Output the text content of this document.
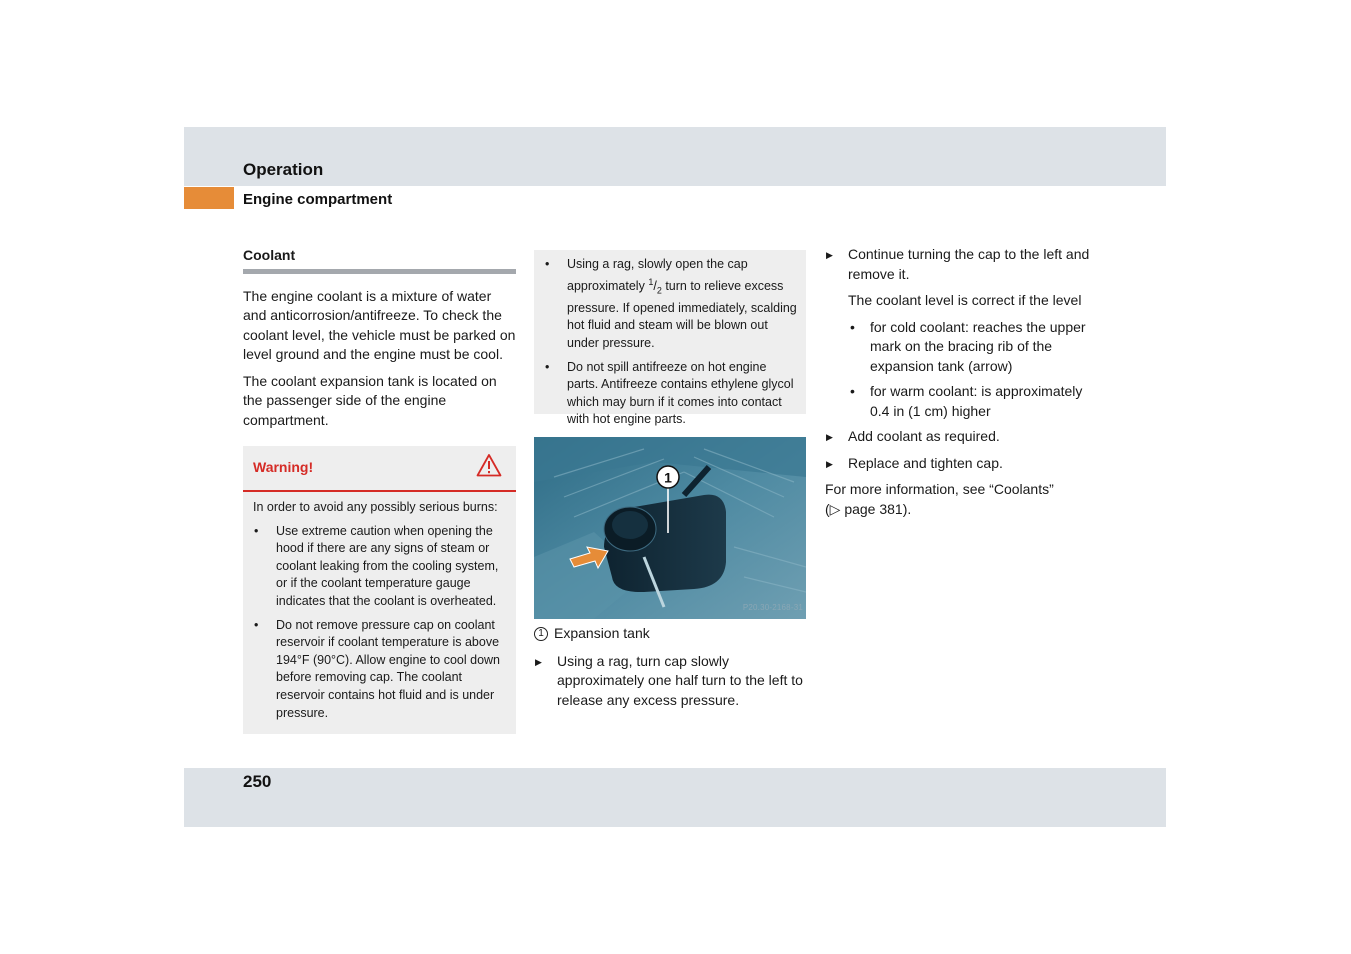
Operation
Engine compartment
Coolant

The engine coolant is a mixture of water and anticorrosion/antifreeze. To check the coolant level, the vehicle must be parked on level ground and the engine must be cool.

The coolant expansion tank is located on the passenger side of the engine compartment.

Warning!
In order to avoid any possibly serious burns:
• Use extreme caution when opening the hood if there are any signs of steam or coolant leaking from the cooling system, or if the coolant temperature gauge indicates that the coolant is overheated.
• Do not remove pressure cap on coolant reservoir if coolant temperature is above 194°F (90°C). Allow engine to cool down before removing cap. The coolant reservoir contains hot fluid and is under pressure.
• Using a rag, slowly open the cap approximately $^1/_2$ turn to relieve excess pressure. If opened immediately, scalding hot fluid and steam will be blown out under pressure.
• Do not spill antifreeze on hot engine parts. Antifreeze contains ethylene glycol which may burn if it comes into contact with hot engine parts.
1
P20.30-2168-31
1 Expansion tank
▶ Using a rag, turn cap slowly approximately one half turn to the left to release any excess pressure.
▶ Continue turning the cap to the left and remove it.

The coolant level is correct if the level

• for cold coolant: reaches the upper mark on the bracing rib of the expansion tank (arrow)
• for warm coolant: is approximately 0.4 in (1 cm) higher
▶ Add coolant as required.
▶ Replace and tighten cap.
For more information, see “Coolants”
(▷ page 381).
250
